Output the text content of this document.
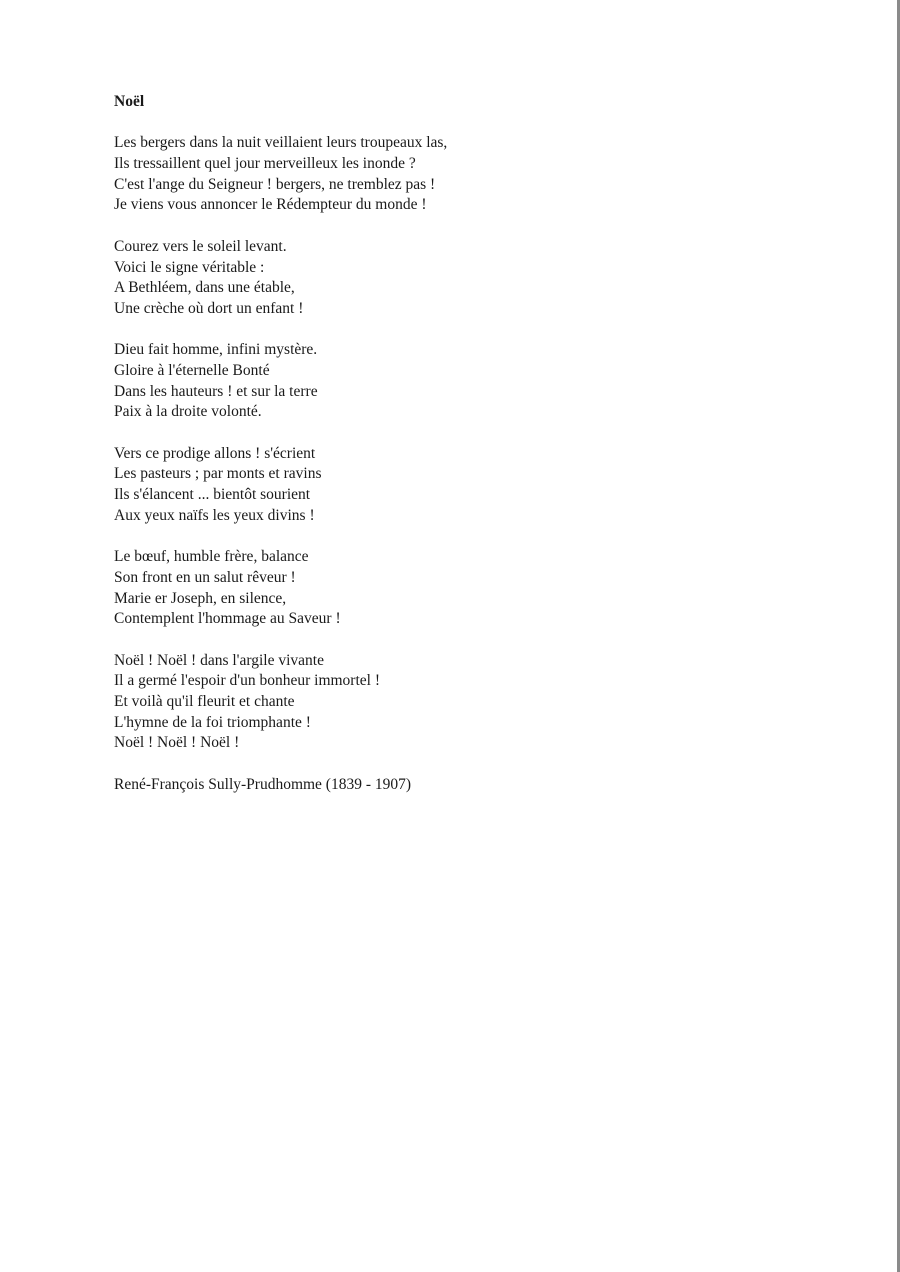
Noël
Les bergers dans la nuit veillaient leurs troupeaux las,
Ils tressaillent quel jour merveilleux les inonde ?
C'est l'ange du Seigneur ! bergers, ne tremblez pas !
Je viens vous annoncer le Rédempteur du monde !
Courez vers le soleil levant.
Voici le signe véritable :
A Bethléem, dans une étable,
Une crèche où dort un enfant !
Dieu fait homme, infini mystère.
Gloire à l'éternelle Bonté
Dans les hauteurs ! et sur la terre
Paix à la droite volonté.
Vers ce prodige allons ! s'écrient
Les pasteurs ; par monts et ravins
Ils s'élancent ... bientôt sourient
Aux yeux naïfs les yeux divins !
Le bœuf, humble frère, balance
Son front en un salut rêveur !
Marie er Joseph, en silence,
Contemplent l'hommage au Saveur !
Noël ! Noël ! dans l'argile vivante
Il a germé l'espoir d'un bonheur immortel !
Et voilà qu'il fleurit et chante
L'hymne de la foi triomphante !
Noël ! Noël ! Noël !
René-François Sully-Prudhomme (1839 - 1907)
